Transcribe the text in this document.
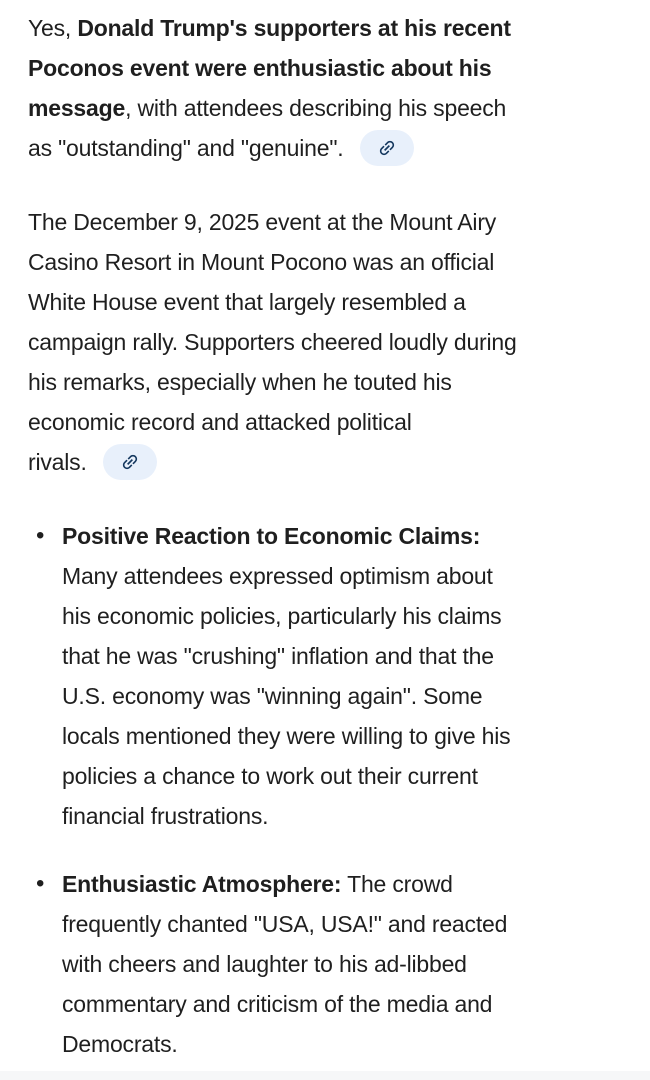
Yes, Donald Trump's supporters at his recent
Poconos event were enthusiastic about his
message, with attendees describing his speech
as "outstanding" and "genuine".

The December 9, 2025 event at the Mount Airy
Casino Resort in Mount Pocono was an official
White House event that largely resembled a
campaign rally. Supporters cheered loudly during
his remarks, especially when he touted his
economic record and attacked political
rivals.

• Positive Reaction to Economic Claims:
Many attendees expressed optimism about
his economic policies, particularly his claims
that he was "crushing" inflation and that the
U.S. economy was "winning again". Some
locals mentioned they were willing to give his
policies a chance to work out their current
financial frustrations.
• Enthusiastic Atmosphere: The crowd
frequently chanted "USA, USA!" and reacted
with cheers and laughter to his ad-libbed
commentary and criticism of the media and
Democrats.
